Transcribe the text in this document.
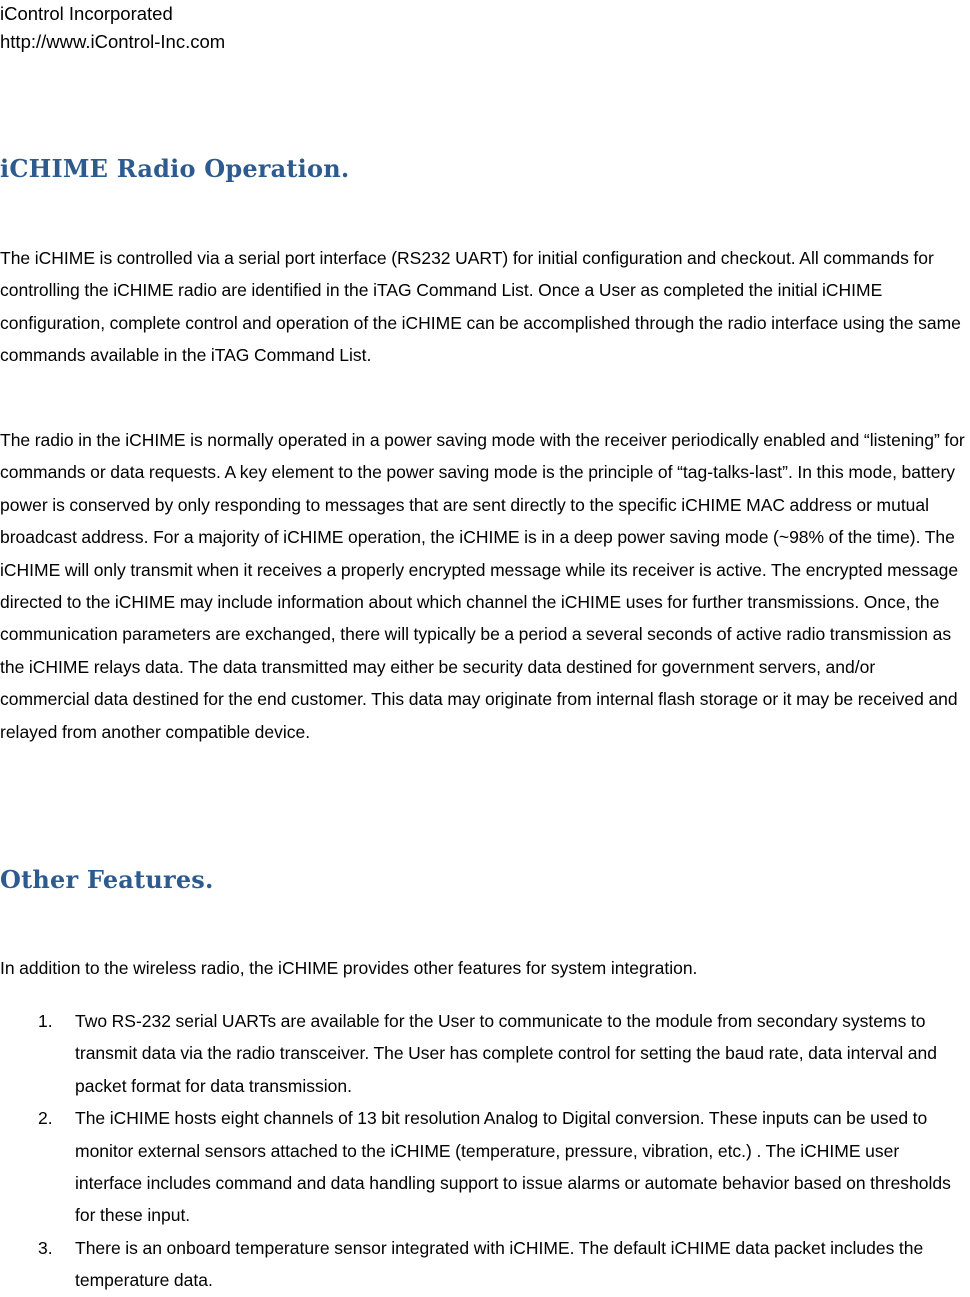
iControl Incorporated
http://www.iControl-Inc.com
iCHIME Radio Operation.

The iCHIME is controlled via a serial port interface (RS232 UART) for initial configuration and checkout. All commands for controlling the iCHIME radio are identified in the iTAG Command List. Once a User as completed the initial iCHIME configuration, complete control and operation of the iCHIME can be accomplished through the radio interface using the same commands available in the iTAG Command List.

The radio in the iCHIME is normally operated in a power saving mode with the receiver periodically enabled and “listening” for commands or data requests. A key element to the power saving mode is the principle of “tag-talks-last”. In this mode, battery power is conserved by only responding to messages that are sent directly to the specific iCHIME MAC address or mutual broadcast address. For a majority of iCHIME operation, the iCHIME is in a deep power saving mode (~98% of the time). The iCHIME will only transmit when it receives a properly encrypted message while its receiver is active. The encrypted message directed to the iCHIME may include information about which channel the iCHIME uses for further transmissions. Once, the communication parameters are exchanged, there will typically be a period a several seconds of active radio transmission as the iCHIME relays data. The data transmitted may either be security data destined for government servers, and/or commercial data destined for the end customer. This data may originate from internal flash storage or it may be received and relayed from another compatible device.

Other Features.

In addition to the wireless radio, the iCHIME provides other features for system integration.

1. Two RS-232 serial UARTs are available for the User to communicate to the module from secondary systems to transmit data via the radio transceiver. The User has complete control for setting the baud rate, data interval and packet format for data transmission.
2. The iCHIME hosts eight channels of 13 bit resolution Analog to Digital conversion. These inputs can be used to monitor external sensors attached to the iCHIME (temperature, pressure, vibration, etc.) . The iCHIME user interface includes command and data handling support to issue alarms or automate behavior based on thresholds for these input.
3. There is an onboard temperature sensor integrated with iCHIME. The default iCHIME data packet includes the temperature data.
